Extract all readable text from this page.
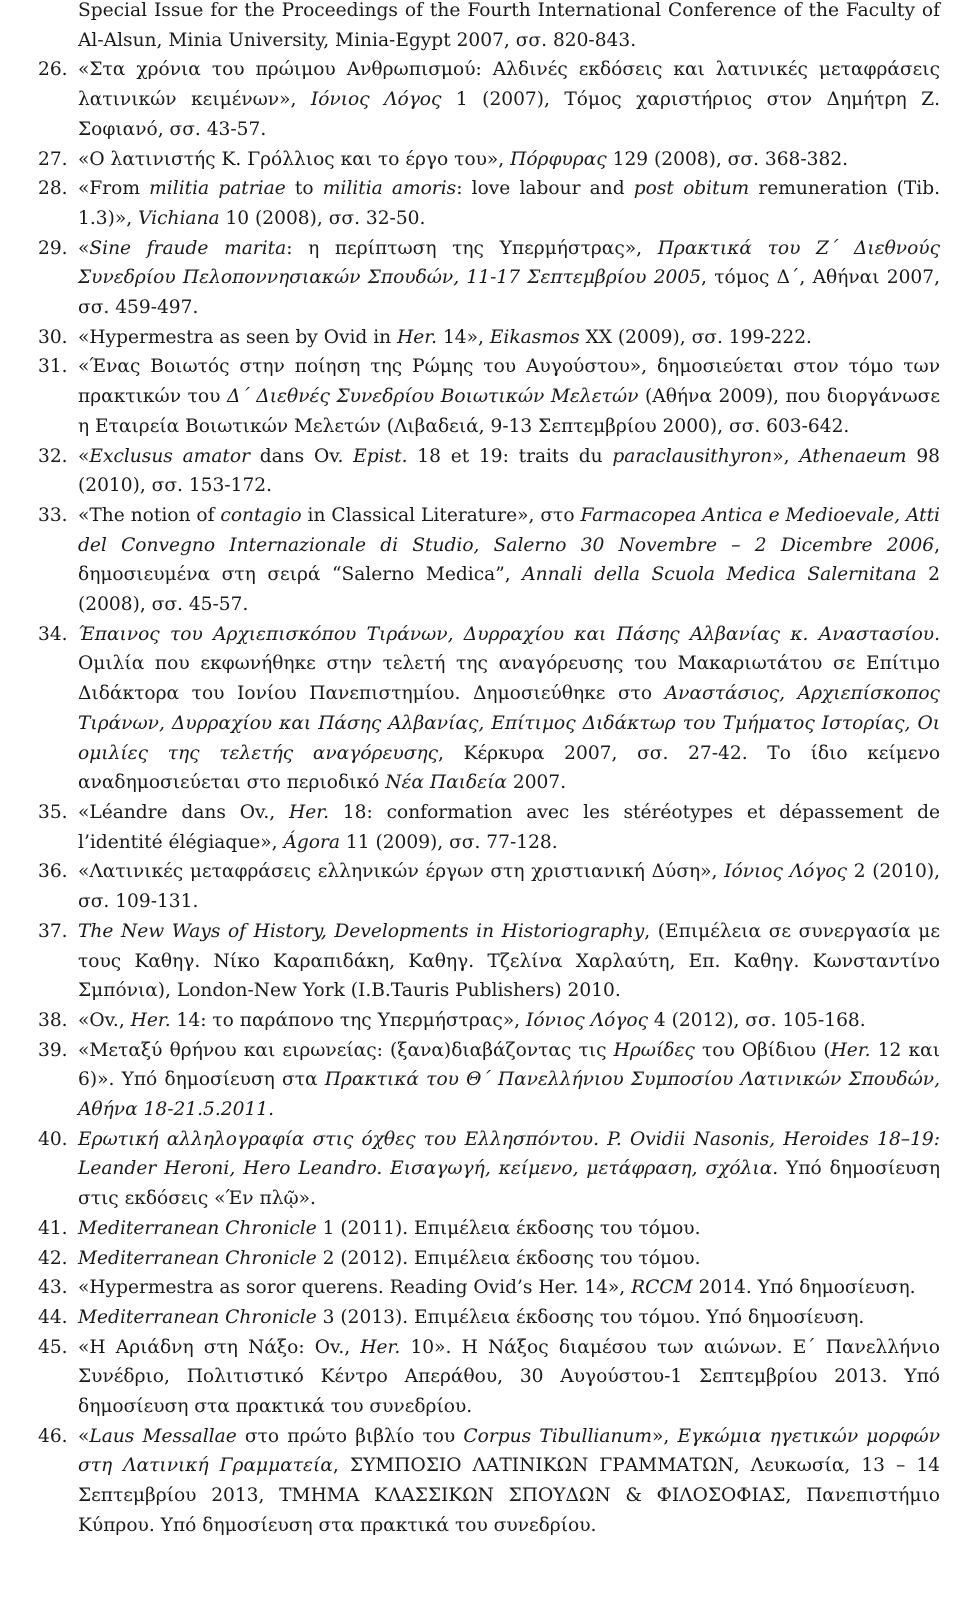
Special Issue for the Proceedings of the Fourth International Conference of the Faculty of Al-Alsun, Minia University, Minia-Egypt 2007, σσ. 820-843.
26. «Στα χρόνια του πρώιμου Ανθρωπισμού: Αλδινές εκδόσεις και λατινικές μεταφράσεις λατινικών κειμένων», Ιόνιος Λόγος 1 (2007), Τόμος χαριστήριος στον Δημήτρη Ζ. Σοφιανό, σσ. 43-57.
27. «Ο λατινιστής Κ. Γρόλλιος και το έργο του», Πόρφυρας 129 (2008), σσ. 368-382.
28. «From militia patriae to militia amoris: love labour and post obitum remuneration (Tib. 1.3)», Vichiana 10 (2008), σσ. 32-50.
29. «Sine fraude marita: η περίπτωση της Υπερμήστρας», Πρακτικά του Ζ΄ Διεθνούς Συνεδρίου Πελοποννησιακών Σπουδών, 11-17 Σεπτεμβρίου 2005, τόμος Δ΄, Αθήναι 2007, σσ. 459-497.
30. «Hypermestra as seen by Ovid in Her. 14», Eikasmos XX (2009), σσ. 199-222.
31. «Ένας Βοιωτός στην ποίηση της Ρώμης του Αυγούστου», δημοσιεύεται στον τόμο των πρακτικών του Δ΄ Διεθνές Συνεδρίου Βοιωτικών Μελετών (Αθήνα 2009), που διοργάνωσε η Εταιρεία Βοιωτικών Μελετών (Λιβαδειά, 9-13 Σεπτεμβρίου 2000), σσ. 603-642.
32. «Exclusus amator dans Ov. Epist. 18 et 19: traits du paraclausithyron», Athenaeum 98 (2010), σσ. 153-172.
33. «The notion of contagio in Classical Literature», στο Farmacopea Antica e Medioevale, Atti del Convegno Internazionale di Studio, Salerno 30 Novembre – 2 Dicembre 2006, δημοσιευμένα στη σειρά “Salerno Medica”, Annali della Scuola Medica Salernitana 2 (2008), σσ. 45-57.
34. Έπαινος του Αρχιεπισκόπου Τιράνων, Δυρραχίου και Πάσης Αλβανίας κ. Αναστασίου. Ομιλία που εκφωνήθηκε στην τελετή της αναγόρευσης του Μακαριωτάτου σε Επίτιμο Διδάκτορα του Ιονίου Πανεπιστημίου. Δημοσιεύθηκε στο Αναστάσιος, Αρχιεπίσκοπος Τιράνων, Δυρραχίου και Πάσης Αλβανίας, Επίτιμος Διδάκτωρ του Τμήματος Ιστορίας, Οι ομιλίες της τελετής αναγόρευσης, Κέρκυρα 2007, σσ. 27-42. Το ίδιο κείμενο αναδημοσιεύεται στο περιοδικό Νέα Παιδεία 2007.
35. «Léandre dans Ov., Her. 18: conformation avec les stéréotypes et dépassement de l’identité élégiaque», Ágora 11 (2009), σσ. 77-128.
36. «Λατινικές μεταφράσεις ελληνικών έργων στη χριστιανική Δύση», Ιόνιος Λόγος 2 (2010), σσ. 109-131.
37. The New Ways of History, Developments in Historiography, (Επιμέλεια σε συνεργασία με τους Καθηγ. Νίκο Καραπιδάκη, Καθηγ. Τζελίνα Χαρλαύτη, Επ. Καθηγ. Κωνσταντίνο Σμπόνια), London-New York (I.B.Tauris Publishers) 2010.
38. «Ov., Her. 14: το παράπονο της Υπερμήστρας», Ιόνιος Λόγος 4 (2012), σσ. 105-168.
39. «Μεταξύ θρήνου και ειρωνείας: (ξανα)διαβάζοντας τις Ηρωίδες του Οβίδιου (Her. 12 και 6)». Υπό δημοσίευση στα Πρακτικά του Θ΄ Πανελλήνιου Συμποσίου Λατινικών Σπουδών, Αθήνα 18-21.5.2011.
40. Ερωτική αλληλογραφία στις όχθες του Ελλησπόντου. P. Ovidii Nasonis, Heroides 18–19: Leander Heroni, Hero Leandro. Εισαγωγή, κείμενο, μετάφραση, σχόλια. Υπό δημοσίευση στις εκδόσεις «Έν πλῷ».
41. Mediterranean Chronicle 1 (2011). Επιμέλεια έκδοσης του τόμου.
42. Mediterranean Chronicle 2 (2012). Επιμέλεια έκδοσης του τόμου.
43. «Hypermestra as soror querens. Reading Ovid’s Her. 14», RCCM 2014. Υπό δημοσίευση.
44. Mediterranean Chronicle 3 (2013). Επιμέλεια έκδοσης του τόμου. Υπό δημοσίευση.
45. «Η Αριάδνη στη Νάξο: Ov., Her. 10». Η Νάξος διαμέσου των αιώνων. Ε΄ Πανελλήνιο Συνέδριο, Πολιτιστικό Κέντρο Απεράθου, 30 Αυγούστου-1 Σεπτεμβρίου 2013. Υπό δημοσίευση στα πρακτικά του συνεδρίου.
46. «Laus Messallae στο πρώτο βιβλίο του Corpus Tibullianum», Εγκώμια ηγετικών μορφών στη Λατινική Γραμματεία, ΣΥΜΠΟΣΙΟ ΛΑΤΙΝΙΚΩΝ ΓΡΑΜΜΑΤΩΝ, Λευκωσία, 13 – 14 Σεπτεμβρίου 2013, ΤΜΗΜΑ ΚΛΑΣΣΙΚΩΝ ΣΠΟΥΔΩΝ & ΦΙΛΟΣΟΦΙΑΣ, Πανεπιστήμιο Κύπρου. Υπό δημοσίευση στα πρακτικά του συνεδρίου.
